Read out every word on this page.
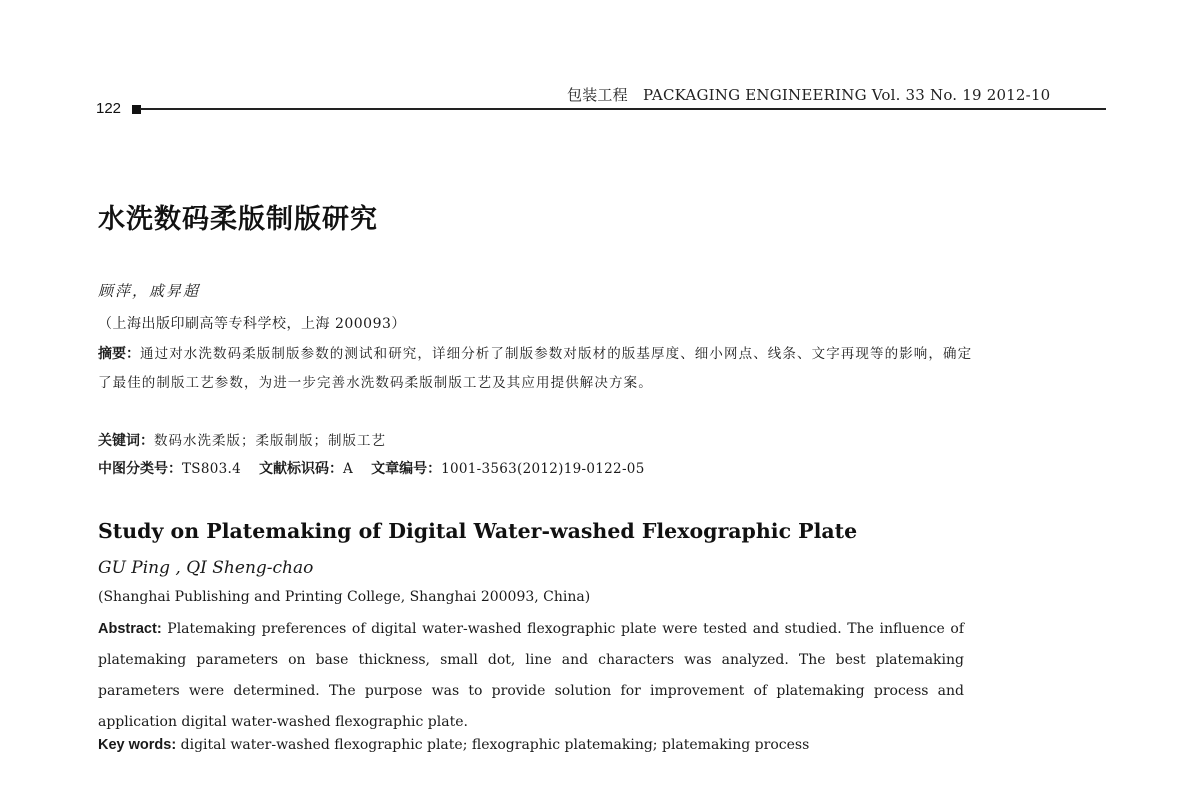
包装工程　PACKAGING ENGINEERING Vol. 33 No. 19 2012-10
122
水洗数码柔版制版研究
顾萍，戚昇超
（上海出版印刷高等专科学校，上海 200093）
摘要：通过对水洗数码柔版制版参数的测试和研究，详细分析了制版参数对版材的版基厚度、细小网点、线条、文字再现等的影响，确定了最佳的制版工艺参数，为进一步完善水洗数码柔版制版工艺及其应用提供解决方案。
关键词：数码水洗柔版；柔版制版；制版工艺
中图分类号：TS803.4 文献标识码：A 文章编号：1001-3563(2012)19-0122-05
Study on Platemaking of Digital Water-washed Flexographic Plate
GU Ping , QI Sheng-chao
(Shanghai Publishing and Printing College, Shanghai 200093, China)
Abstract: Platemaking preferences of digital water-washed flexographic plate were tested and studied. The influence of platemaking parameters on base thickness, small dot, line and characters was analyzed. The best platemaking parameters were determined. The purpose was to provide solution for improvement of platemaking process and application digital water-washed flexographic plate.
Key words: digital water-washed flexographic plate; flexographic platemaking; platemaking process
